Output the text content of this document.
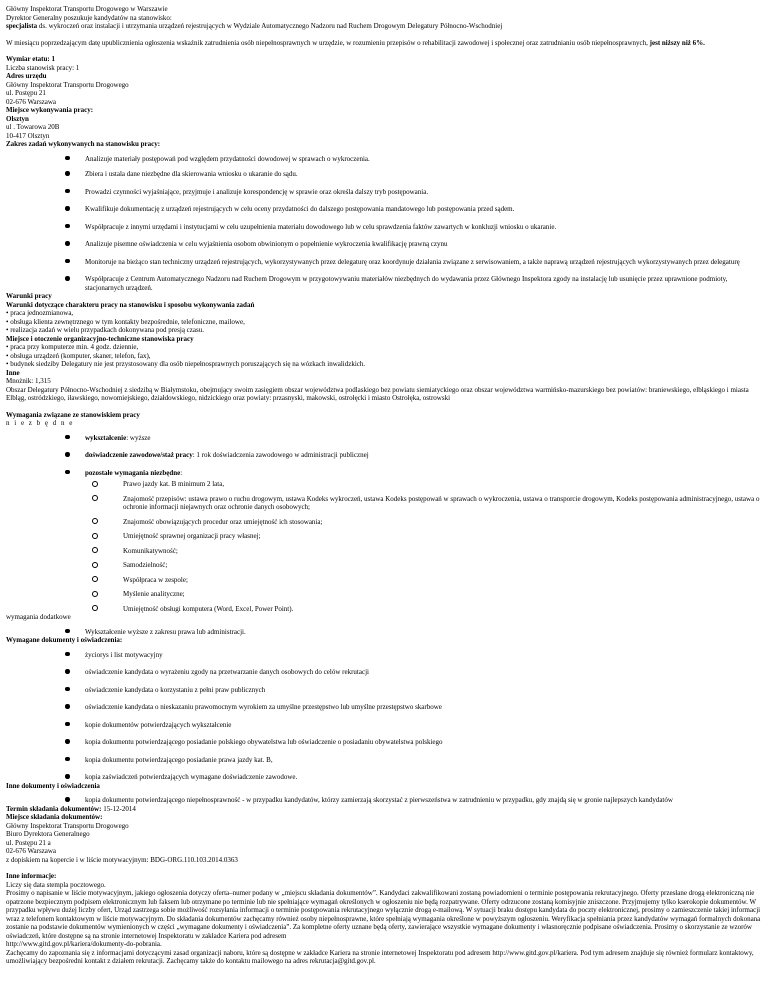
Główny Inspektorat Transportu Drogowego w Warszawie

Dyrektor Generalny poszukuje kandydatów na stanowisko:

specjalista ds. wykroczeń oraz instalacji i utrzymania urządzeń rejestrujących w Wydziale Automatycznego Nadzoru nad Ruchem Drogowym Delegatury Północno-Wschodniej

W miesiącu poprzedzającym datę upublicznienia ogłoszenia wskaźnik zatrudnienia osób niepełnosprawnych w urzędzie, w rozumieniu przepisów o rehabilitacji zawodowej i społecznej oraz zatrudnianiu osób niepełnosprawnych, jest niższy niż 6%.

Wymiar etatu: 1

Liczba stanowisk pracy: 1

Adres urzędu

Główny Inspektorat Transportu Drogowego

ul. Postępu 21

02-676 Warszawa

Miejsce wykonywania pracy:

Olsztyn

ul . Towarowa 20B

10-417 Olsztyn

Zakres zadań wykonywanych na stanowisku pracy:

Analizuje materiały postępowań pod względem przydatności dowodowej w sprawach o wykroczenia.
Zbiera i ustala dane niezbędne dla skierowania wniosku o ukaranie do sądu.
Prowadzi czynności wyjaśniające, przyjmuje i analizuje korespondencję w sprawie oraz określa dalszy tryb postępowania.
Kwalifikuje dokumentację z urządzeń rejestrujących w celu oceny przydatności do dalszego postępowania mandatowego lub postępowania przed sądem.
Współpracuje z innymi urzędami i instytucjami w celu uzupełnienia materiału dowodowego lub w celu sprawdzenia faktów zawartych w konkluzji wniosku o ukaranie.
Analizuje pisemne oświadczenia w celu wyjaśnienia osobom obwinionym o popełnienie wykroczenia kwalifikację prawną czynu
Monitoruje na bieżąco stan techniczny urządzeń rejestrujących, wykorzystywanych przez delegaturę oraz koordynuje działania związane z serwisowaniem, a także naprawą urządzeń rejestrujących wykorzystywanych przez delegaturę
Współpracuje z Centrum Automatycznego Nadzoru nad Ruchem Drogowym w przygotowywaniu materiałów niezbędnych do wydawania przez Głównego Inspektora zgody na instalację lub usunięcie przez uprawnione podmioty, stacjonarnych urządzeń.

Warunki pracy

Warunki dotyczące charakteru pracy na stanowisku i sposobu wykonywania zadań

• praca jednozmianowa,

• obsługa klienta zewnętrznego w tym kontakty bezpośrednie, telefoniczne, mailowe,

• realizacja zadań w wielu przypadkach dokonywana pod presją czasu.

Miejsce i otoczenie organizacyjno-techniczne stanowiska pracy

• praca przy komputerze min. 4 godz. dziennie,

• obsługa urządzeń (komputer, skaner, telefon, fax),

• budynek siedziby Delegatury nie jest przystosowany dla osób niepełnosprawnych poruszających się na wózkach inwalidzkich.

Inne

Mnożnik: 1,315

Obszar Delegatury Północno-Wschodniej z siedzibą w Białymstoku, obejmujący swoim zasięgiem obszar województwa podlaskiego bez powiatu siemiatyckiego oraz obszar województwa warmińsko-mazurskiego bez powiatów: braniewskiego, elbląskiego i miasta Elbląg, ostródzkiego, iławskiego, nowomiejskiego, działdowskiego, nidzickiego oraz powiaty: przasnyski, makowski, ostrołęcki i miasto Ostrołęka, ostrowski

Wymagania związane ze stanowiskiem pracy

n i e z b ę d n e

wykształcenie: wyższe
doświadczenie zawodowe/staż pracy: 1 rok doświadczenia zawodowego w administracji publicznej
pozostałe wymagania niezbędne:
Prawo jazdy kat. B minimum 2 lata,
Znajomość przepisów: ustawa prawo o ruchu drogowym, ustawa Kodeks wykroczeń, ustawa Kodeks postępowań w sprawach o wykroczenia, ustawa o transporcie drogowym, Kodeks postępowania administracyjnego, ustawa o ochronie informacji niejawnych oraz ochronie danych osobowych;
Znajomość obowiązujących procedur oraz umiejętność ich stosowania;
Umiejętność sprawnej organizacji pracy własnej;
Komunikatywność;
Samodzielność;
Współpraca w zespole;
Myślenie analityczne;
Umiejętność obsługi komputera (Word, Excel, Power Point).

wymagania dodatkowe

Wykształcenie wyższe z zakresu prawa lub administracji.

Wymagane dokumenty i oświadczenia:

życiorys i list motywacyjny
oświadczenie kandydata o wyrażeniu zgody na przetwarzanie danych osobowych do celów rekrutacji
oświadczenie kandydata o korzystaniu z pełni praw publicznych
oświadczenie kandydata o nieskazaniu prawomocnym wyrokiem za umyślne przestępstwo lub umyślne przestępstwo skarbowe
kopie dokumentów potwierdzających wykształcenie
kopia dokumentu potwierdzającego posiadanie polskiego obywatelstwa lub oświadczenie o posiadaniu obywatelstwa polskiego
kopia dokumentu potwierdzającego posiadanie prawa jazdy kat. B,
kopia zaświadczeń potwierdzających wymagane doświadczenie zawodowe.

Inne dokumenty i oświadczenia

kopia dokumentu potwierdzającego niepełnosprawność - w przypadku kandydatów, którzy zamierzają skorzystać z pierwszeństwa w zatrudnieniu w przypadku, gdy znajdą się w gronie najlepszych kandydatów

Termin składania dokumentów: 15-12-2014

Miejsce składania dokumentów:

Główny Inspektorat Transportu Drogowego

Biuro Dyrektora Generalnego

ul. Postępu 21 a

02-676 Warszawa

z dopiskiem na kopercie i w liście motywacyjnym: BDG-ORG.110.103.2014.0363

Inne informacje:

Liczy się data stempla pocztowego.

Prosimy o napisanie w liście motywacyjnym, jakiego ogłoszenia dotyczy oferta–numer podany w „miejscu składania dokumentów”. Kandydaci zakwalifikowani zostaną powiadomieni o terminie postępowania rekrutacyjnego. Oferty przesłane drogą elektroniczną nie opatrzone bezpiecznym podpisem elektronicznym lub faksem lub otrzymane po terminie lub nie spełniające wymagań określonych w ogłoszeniu nie będą rozpatrywane. Oferty odrzucone zostaną komisyjnie zniszczone. Przyjmujemy tylko kserokopie dokumentów. W przypadku wpływu dużej liczby ofert, Urząd zastrzega sobie możliwość rozsyłania informacji o terminie postępowania rekrutacyjnego wyłącznie drogą e-mailową. W sytuacji braku dostępu kandydata do poczty elektronicznej, prosimy o zamieszczenie takiej informacji wraz z telefonem kontaktowym w liście motywacyjnym. Do składania dokumentów zachęcamy również osoby niepełnosprawne, które spełniają wymagania określone w powyższym ogłoszeniu. Weryfikacja spełniania przez kandydatów wymagań formalnych dokonana zostanie na podstawie dokumentów wymienionych w części „wymagane dokumenty i oświadczenia”. Za kompletne oferty uznane będą oferty, zawierające wszystkie wymagane dokumenty i własnoręcznie podpisane oświadczenia. Prosimy o skorzystanie ze wzorów oświadczeń, które dostępne są na stronie internetowej Inspektoratu w zakładce Kariera pod adresem

http://www.gitd.gov.pl/kariera/dokumenty-do-pobrania.

Zachęcamy do zapoznania się z informacjami dotyczącymi zasad organizacji naboru, które są dostępne w zakładce Kariera na stronie internetowej Inspektoratu pod adresem http://www.gitd.gov.pl/kariera. Pod tym adresem znajduje się również formularz kontaktowy, umożliwiający bezpośredni kontakt z działem rekrutacji. Zachęcamy także do kontaktu mailowego na adres rekrutacja@gitd.gov.pl.
